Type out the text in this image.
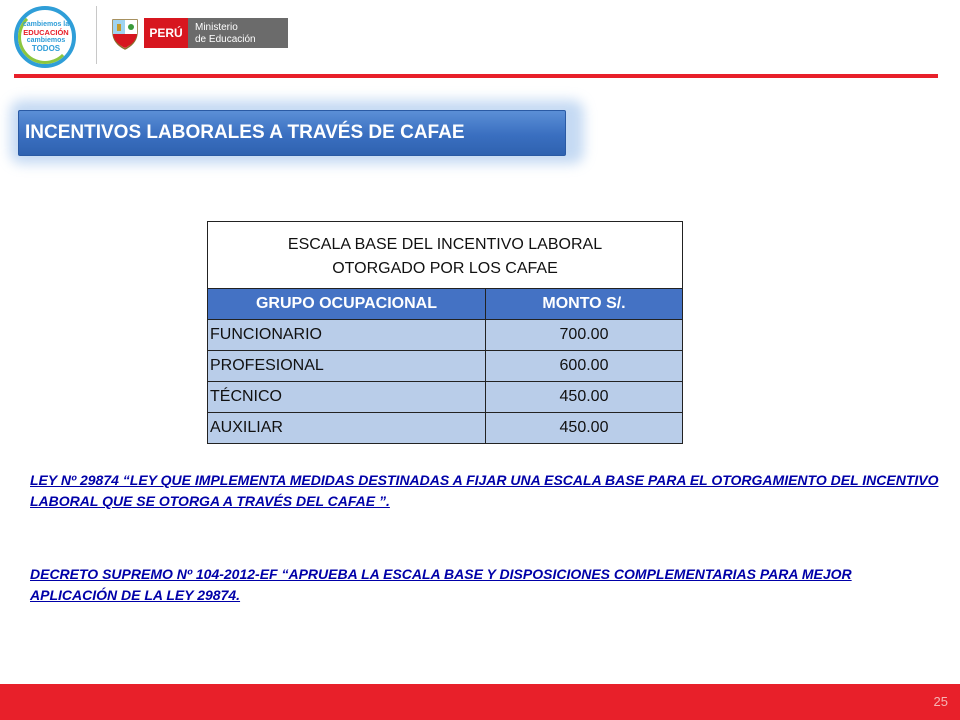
cambiemos la
EDUCACIÓN
cambiemos
TODOS
PERÚ	Ministerio
de Educación
INCENTIVOS LABORALES A TRAVÉS DE CAFAE
ESCALA BASE DEL INCENTIVO LABORAL
OTORGADO POR LOS CAFAE	

GRUPO OCUPACIONAL	MONTO S/.
FUNCIONARIO	700.00
PROFESIONAL	600.00
TÉCNICO	450.00
AUXILIAR	450.00
LEY Nº 29874 “LEY QUE IMPLEMENTA MEDIDAS DESTINADAS A FIJAR UNA ESCALA BASE PARA EL OTORGAMIENTO DEL INCENTIVO LABORAL QUE SE OTORGA A TRAVÉS DEL CAFAE ”.
DECRETO SUPREMO Nº 104-2012-EF “APRUEBA LA ESCALA BASE Y DISPOSICIONES COMPLEMENTARIAS PARA MEJOR APLICACIÓN DE LA LEY 29874.
25
